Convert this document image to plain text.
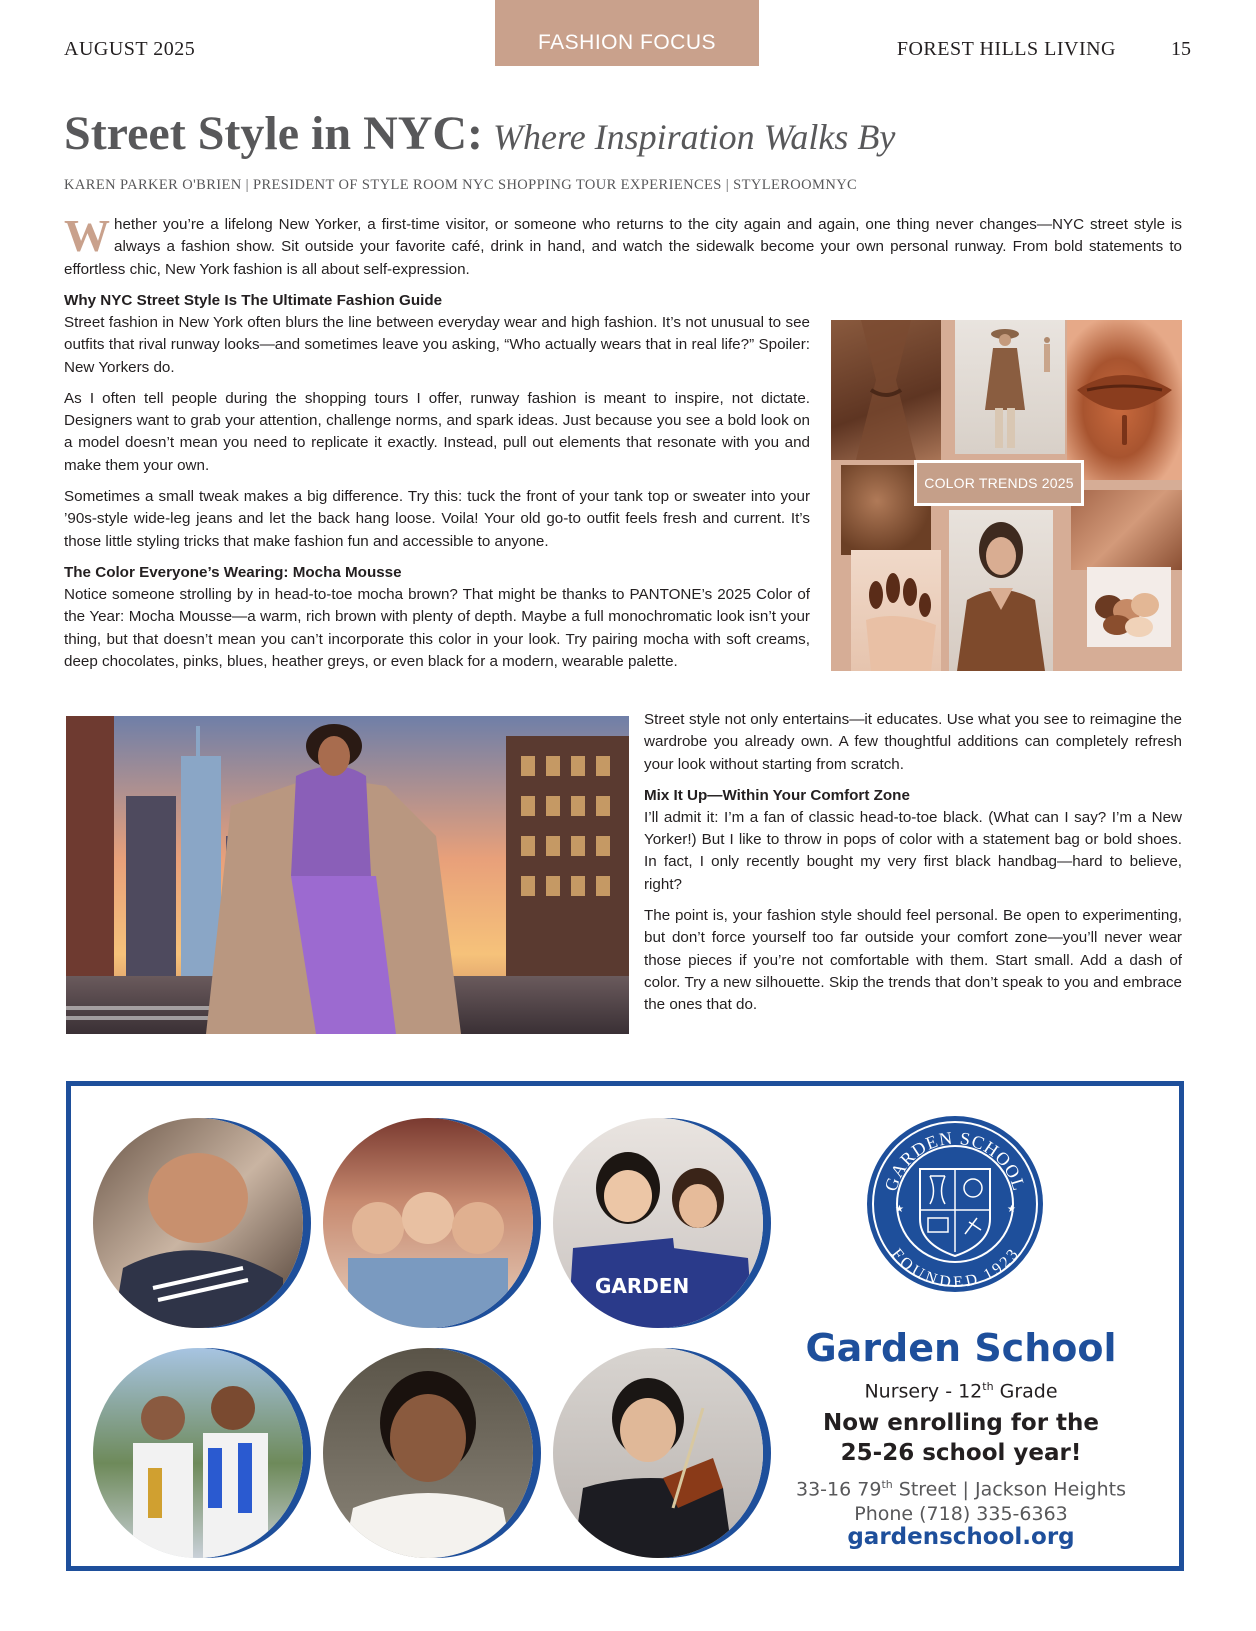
AUGUST 2025	FASHION FOCUS	FOREST HILLS LIVING	15
Street Style in NYC: Where Inspiration Walks By
KAREN PARKER O'BRIEN | PRESIDENT OF STYLE ROOM NYC SHOPPING TOUR EXPERIENCES | STYLEROOMNYC
Whether you’re a lifelong New Yorker, a first-time visitor, or someone who returns to the city again and again, one thing never changes—NYC street style is always a fashion show. Sit outside your favorite café, drink in hand, and watch the sidewalk become your own personal runway. From bold statements to effortless chic, New York fashion is all about self-expression.
Why NYC Street Style Is The Ultimate Fashion Guide

Street fashion in New York often blurs the line between everyday wear and high fashion. It’s not unusual to see outfits that rival runway looks—and sometimes leave you asking, “Who actually wears that in real life?” Spoiler: New Yorkers do.

As I often tell people during the shopping tours I offer, runway fashion is meant to inspire, not dictate. Designers want to grab your attention, challenge norms, and spark ideas. Just because you see a bold look on a model doesn’t mean you need to replicate it exactly. Instead, pull out elements that resonate with you and make them your own.

Sometimes a small tweak makes a big difference. Try this: tuck the front of your tank top or sweater into your ’90s-style wide-leg jeans and let the back hang loose. Voila! Your old go-to outfit feels fresh and current. It’s those little styling tricks that make fashion fun and accessible to anyone.

The Color Everyone’s Wearing: Mocha Mousse

Notice someone strolling by in head-to-toe mocha brown? That might be thanks to PANTONE’s 2025 Color of the Year: Mocha Mousse—a warm, rich brown with plenty of depth. Maybe a full monochromatic look isn’t your thing, but that doesn’t mean you can’t incorporate this color in your look. Try pairing mocha with soft creams, deep chocolates, pinks, blues, heather greys, or even black for a modern, wearable palette.

COLOR TRENDS 2025

Street style not only entertains—it educates. Use what you see to reimagine the wardrobe you already own. A few thoughtful additions can completely refresh your look without starting from scratch.

Mix It Up—Within Your Comfort Zone

I’ll admit it: I’m a fan of classic head-to-toe black. (What can I say? I’m a New Yorker!) But I like to throw in pops of color with a statement bag or bold shoes. In fact, I only recently bought my very first black handbag—hard to believe, right?

The point is, your fashion style should feel personal. Be open to experimenting, but don’t force yourself too far outside your comfort zone—you’ll never wear those pieces if you’re not comfortable with them. Start small. Add a dash of color. Try a new silhouette. Skip the trends that don’t speak to you and embrace the ones that do.

GARDEN
GARDEN SCHOOL
FOUNDED 1923
★	★
Garden School
Nursery - 12th Grade
Now enrolling for the
25-26 school year!
33-16 79th Street | Jackson Heights
Phone (718) 335-6363
gardenschool.org
